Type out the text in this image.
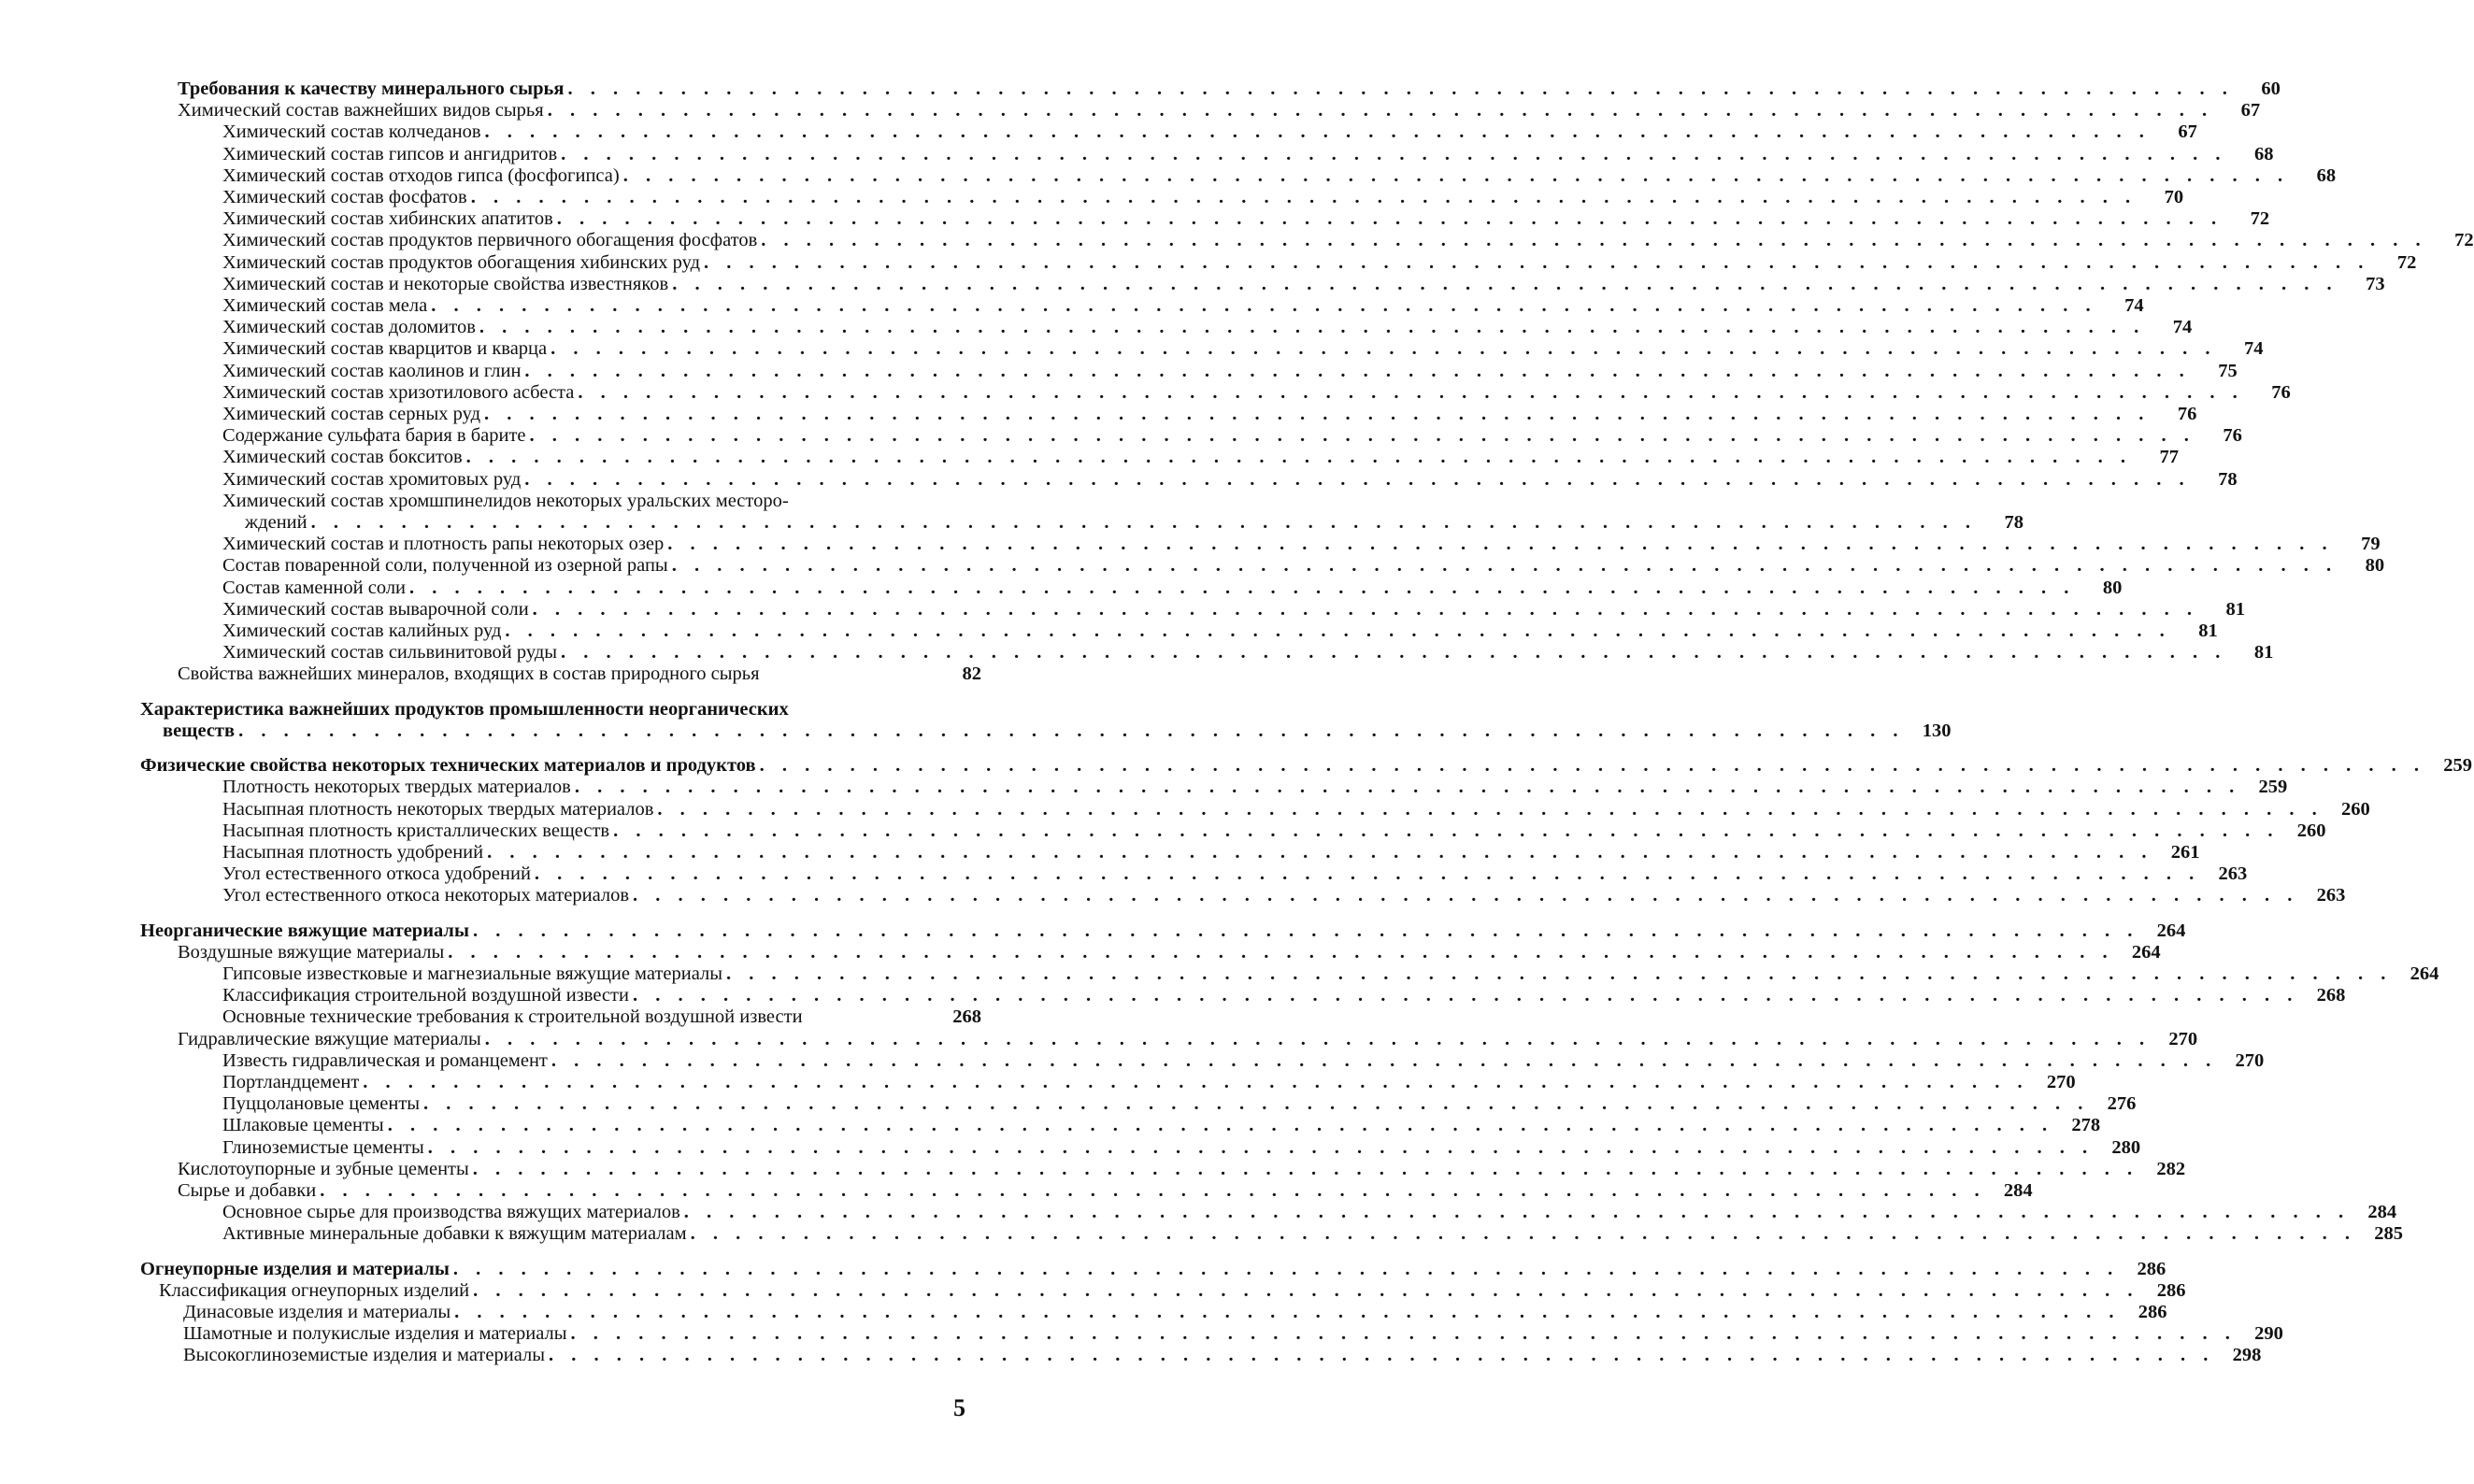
Требования к качеству минерального сырья . . .	60
Химический состав важнейших видов сырья . . .	67
Химический состав колчеданов . . .	67
Химический состав гипсов и ангидритов . . .	68
Химический состав отходов гипса (фосфогипса) . . .	68
Химический состав фосфатов . . .	70
Химический состав хибинских апатитов . . .	72
Химический состав продуктов первичного обогащения фосфатов . . .	72
Химический состав продуктов обогащения хибинских руд . . .	72
Химический состав и некоторые свойства известняков . . .	73
Химический состав мела . . .	74
Химический состав доломитов . . .	74
Химический состав кварцитов и кварца . . .	74
Химический состав каолинов и глин . . .	75
Химический состав хризотилового асбеста . . .	76
Химический состав серных руд . . .	76
Содержание сульфата бария в барите . . .	76
Химический состав бокситов . . .	77
Химический состав хромитовых руд . . .	78
Химический состав хромшпинелидов некоторых уральских месторо-
ждений . . .	78
Химический состав и плотность рапы некоторых озер . . .	79
Состав поваренной соли, полученной из озерной рапы . . .	80
Состав каменной соли . . .	80
Химический состав выварочной соли . . .	81
Химический состав калийных руд . . .	81
Химический состав сильвинитовой руды . . .	81
Свойства важнейших минералов, входящих в состав природного сырья	82
Характеристика важнейших продуктов промышленности неорганических
веществ . . .	130
Физические свойства некоторых технических материалов и продуктов . . .	259
Плотность некоторых твердых материалов . . .	259
Насыпная плотность некоторых твердых материалов . . .	260
Насыпная плотность кристаллических веществ . . .	260
Насыпная плотность удобрений . . .	261
Угол естественного откоса удобрений . . .	263
Угол естественного откоса некоторых материалов . . .	263
Неорганические вяжущие материалы . . .	264
Воздушные вяжущие материалы . . .	264
Гипсовые известковые и магнезиальные вяжущие материалы . . .	264
Классификация строительной воздушной извести . . .	268
Основные технические требования к строительной воздушной извести	268
Гидравлические вяжущие материалы . . .	270
Известь гидравлическая и романцемент . . .	270
Портландцемент . . .	270
Пуццолановые цементы . . .	276
Шлаковые цементы . . .	278
Глиноземистые цементы . . .	280
Кислотоупорные и зубные цементы . . .	282
Сырье и добавки . . .	284
Основное сырье для производства вяжущих материалов . . .	284
Активные минеральные добавки к вяжущим материалам . . .	285
Огнеупорные изделия и материалы . . .	286
Классификация огнеупорных изделий . . .	286
Динасовые изделия и материалы . . .	286
Шамотные и полукислые изделия и материалы . . .	290
Высокоглиноземистые изделия и материалы . . .	298
5
